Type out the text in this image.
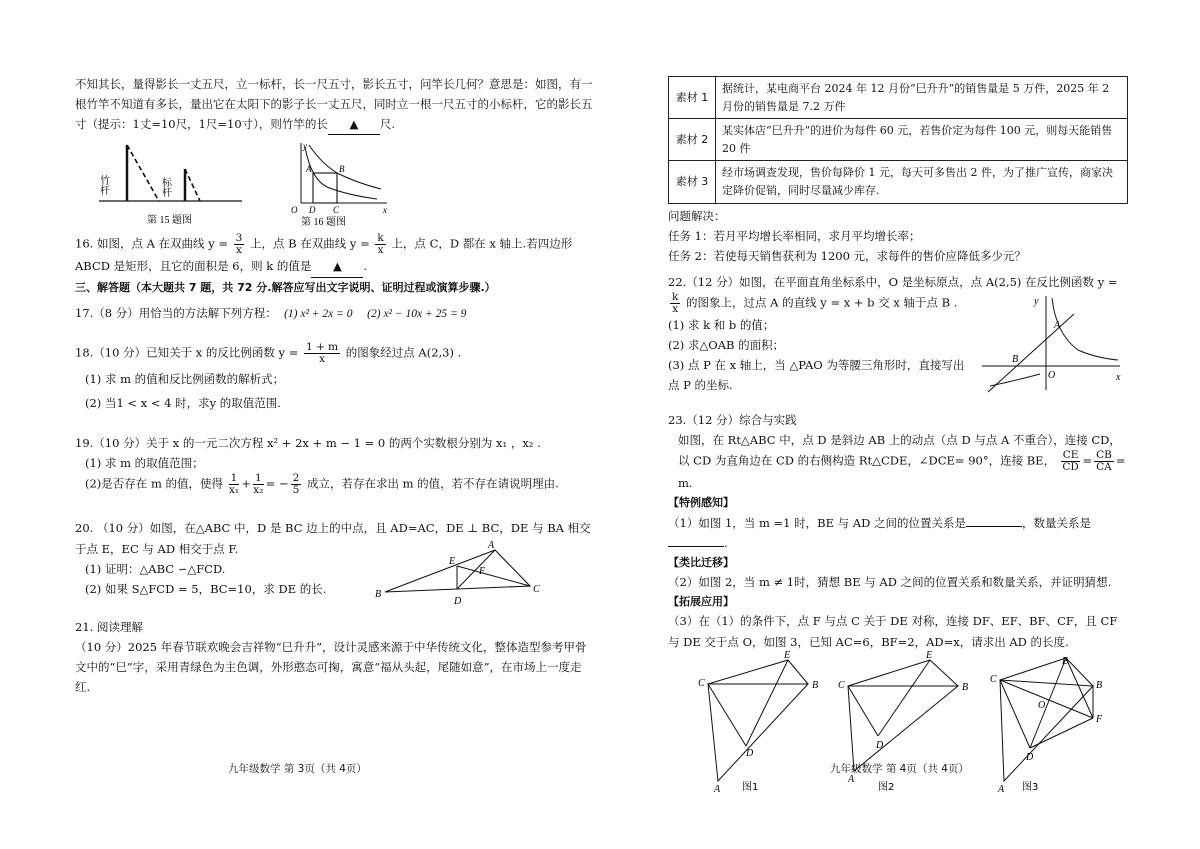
不知其长，量得影长一丈五尺，立一标杆，长一尺五寸，影长五寸，问竿长几何？意思是：如图，有一根竹竿不知道有多长，量出它在太阳下的影子长一丈五尺，同时立一根一尺五寸的小标杆，它的影长五寸（提示：1丈=10尺，1尺=10寸），则竹竿的长 ▲ 尺.

竹杆	标杆
第 15 题图
y
x
O
A	B
D C
第 16 题图

16. 如图，点 A 在双曲线 $y = \frac{3}{x}$ 上，点 B 在双曲线 $y = \frac{k}{x}$ 上，点 C，D 都在 x 轴上.若四边形 ABCD 是矩形，且它的面积是 6，则 k 的值是 ▲ .

三、解答题（本大题共 7 题，共 72 分.解答应写出文字说明、证明过程或演算步骤.）

17.（8 分）用恰当的方法解下列方程： (1) x² + 2x = 0 (2) x² − 10x + 25 = 9

18.（10 分）已知关于 x 的反比例函数 $y = \frac{1 + m}{x}$ 的图象经过点 A(2,3) .

(1) 求 m 的值和反比例函数的解析式；

(2) 当1 < x < 4 时，求y 的取值范围.

19.（10 分）关于 x 的一元二次方程 x² + 2x + m − 1 = 0 的两个实数根分别为 x₁ ，x₂ .

(1) 求 m 的取值范围；

(2)是否存在 m 的值，使得 $\frac{1}{\text{x₁}} + \frac{1}{\text{x₂}}$ = − $\frac{2}{5}$ 成立，若存在求出 m 的值，若不存在请说明理由.

20. （10 分）如图，在△ABC 中，D 是 BC 边上的中点，且 AD=AC，DE ⊥ BC，DE 与 BA 相交于点 E，EC 与 AD 相交于点 F.

(1) 证明：△ABC ∽△FCD.

(2) 如果 S△FCD = 5，BC=10，求 DE 的长.

A
B	C
D
E
F

21. 阅读理解

（10 分）2025 年春节联欢晚会吉祥物“巳升升”，设计灵感来源于中华传统文化，整体造型参考甲骨文中的“巳”字，采用青绿色为主色调，外形憨态可掬，寓意“福从头起，尾随如意”，在市场上一度走红.

九年级数学 第 3页（共 4页）
素材 1	据统计，某电商平台 2024 年 12 月份“巳升升”的销售量是 5 万件，2025 年 2 月份的销售量是 7.2 万件
素材 2	某实体店“巳升升”的进价为每件 60 元，若售价定为每件 100 元，则每天能销售 20 件
素材 3	经市场调查发现，售价每降价 1 元，每天可多售出 2 件，为了推广宣传，商家决定降价促销，同时尽量减少库存.

问题解决：

任务 1：若月平均增长率相同，求月平均增长率；

任务 2：若使每天销售获利为 1200 元，求每件的售价应降低多少元？

22.（12 分）如图，在平面直角坐标系中，O 是坐标原点，点 A(2,5) 在反比例函数 y =
$\frac{k}{x}$ 的图象上，过点 A 的直线 y = x + b 交 x 轴于点 B .

(1) 求 k 和 b 的值；

(2) 求△OAB 的面积；

(3) 点 P 在 x 轴上，当 △PAO 为等腰三角形时，直接写出点 P 的坐标.

y
x
A
B
O

23.（12 分）综合与实践

如图，在 Rt△ABC 中，点 D 是斜边 AB 上的动点（点 D 与点 A 不重合），连接 CD，以 CD 为直角边在 CD 的右侧构造 Rt△CDE，∠DCE= 90°，连接 BE， $\frac{CE}{CD} = \frac{CB}{CA} = m$.

【特例感知】

（1）如图 1，当 m =1 时，BE 与 AD 之间的位置关系是	，数量关系是.

【类比迁移】

（2）如图 2，当 m ≠ 1时，猜想 BE 与 AD 之间的位置关系和数量关系，并证明猜想.

【拓展应用】

（3）在（1）的条件下，点 F 与点 C 关于 DE 对称，连接 DF、EF、BF、CF，且 CF 与 DE 交于点 O，如图 3，已知 AC=6，BF=2，AD=x，请求出 AD 的长度.

C	B
E
D
A 图1
C	B
E
D
A
图2
C
B
E
F
O
D
A 图3
九年级数学 第 4页（共 4页）
